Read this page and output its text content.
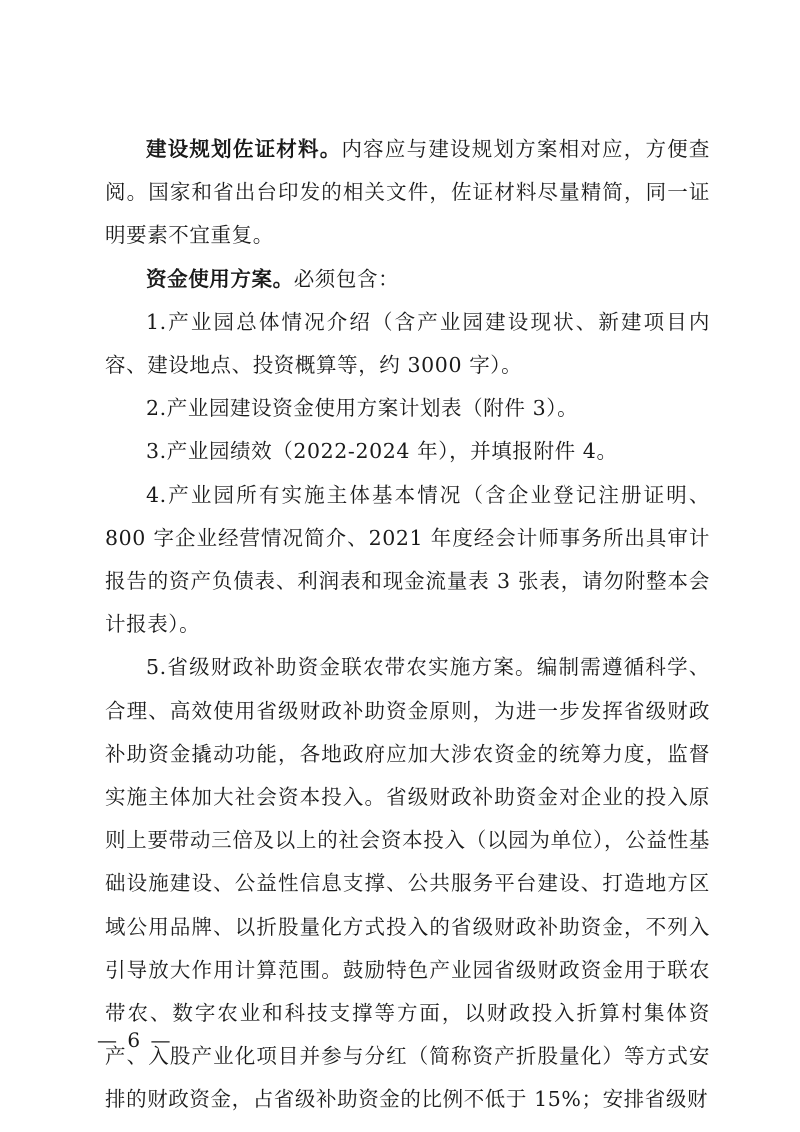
建设规划佐证材料。内容应与建设规划方案相对应，方便查阅。国家和省出台印发的相关文件，佐证材料尽量精简，同一证明要素不宜重复。

资金使用方案。必须包含：

1.产业园总体情况介绍（含产业园建设现状、新建项目内容、建设地点、投资概算等，约 3000 字）。

2.产业园建设资金使用方案计划表（附件 3）。

3.产业园绩效（2022-2024 年），并填报附件 4。

4.产业园所有实施主体基本情况（含企业登记注册证明、800 字企业经营情况简介、2021 年度经会计师事务所出具审计报告的资产负债表、利润表和现金流量表 3 张表，请勿附整本会计报表）。

5.省级财政补助资金联农带农实施方案。编制需遵循科学、合理、高效使用省级财政补助资金原则，为进一步发挥省级财政补助资金撬动功能，各地政府应加大涉农资金的统筹力度，监督实施主体加大社会资本投入。省级财政补助资金对企业的投入原则上要带动三倍及以上的社会资本投入（以园为单位），公益性基础设施建设、公益性信息支撑、公共服务平台建设、打造地方区域公用品牌、以折股量化方式投入的省级财政补助资金，不列入引导放大作用计算范围。鼓励特色产业园省级财政资金用于联农带农、数字农业和科技支撑等方面，以财政投入折算村集体资产、入股产业化项目并参与分红（简称资产折股量化）等方式安排的财政资金，占省级补助资金的比例不低于 15%；安排省级财

— 6 —
